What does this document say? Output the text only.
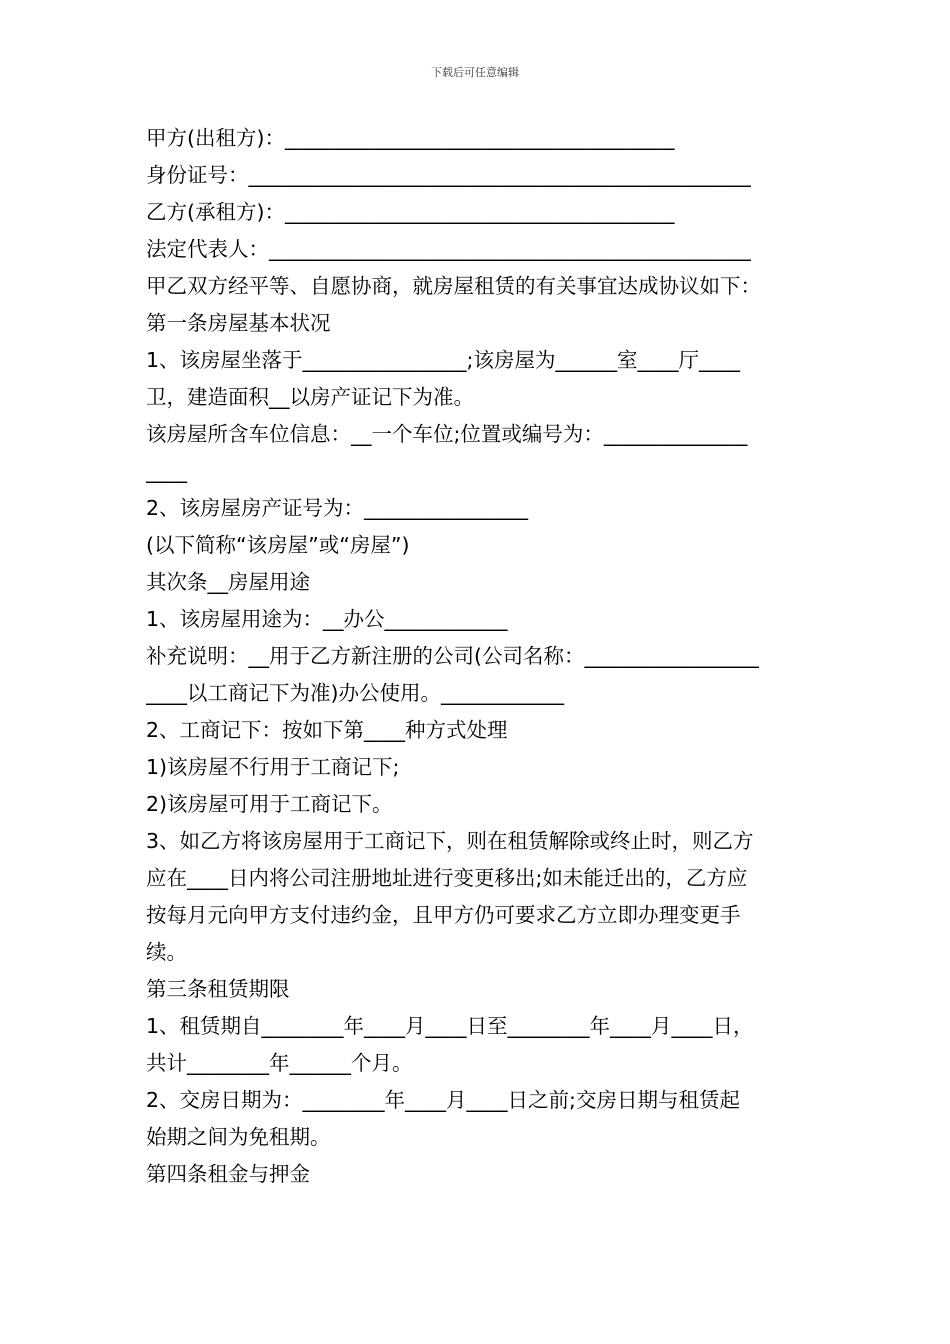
下载后可任意编辑
甲方(出租方)：______________________________________
身份证号：_________________________________________________
乙方(承租方)：______________________________________
法定代表人：_______________________________________________
甲乙双方经平等、自愿协商，就房屋租赁的有关事宜达成协议如下：
第一条房屋基本状况
1、该房屋坐落于________________;该房屋为______室____厅____
卫，建造面积__以房产证记下为准。
该房屋所含车位信息：__一个车位;位置或编号为：______________
____
2、该房屋房产证号为：________________
(以下简称“该房屋”或“房屋”)
其次条__房屋用途
1、该房屋用途为：__办公____________
补充说明：__用于乙方新注册的公司(公司名称：_________________
____以工商记下为准)办公使用。____________
2、工商记下：按如下第____种方式处理
1)该房屋不行用于工商记下;
2)该房屋可用于工商记下。
3、如乙方将该房屋用于工商记下，则在租赁解除或终止时，则乙方
应在____日内将公司注册地址进行变更移出;如未能迁出的，乙方应
按每月元向甲方支付违约金，且甲方仍可要求乙方立即办理变更手
续。
第三条租赁期限
1、租赁期自________年____月____日至________年____月____日，
共计________年______个月。
2、交房日期为：________年____月____日之前;交房日期与租赁起
始期之间为免租期。
第四条租金与押金
